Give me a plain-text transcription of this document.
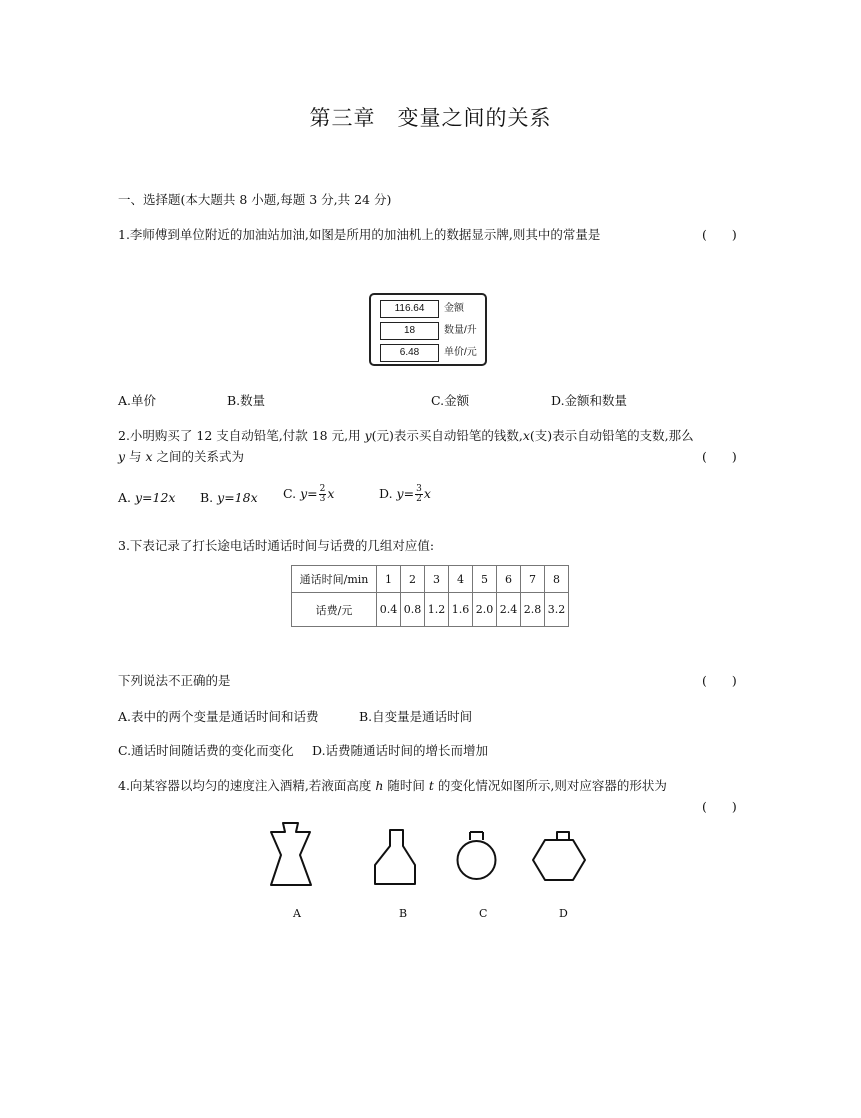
第三章　变量之间的关系
一、选择题(本大题共 8 小题,每题 3 分,共 24 分)
1.李师傅到单位附近的加油站加油,如图是所用的加油机上的数据显示牌,则其中的常量是	(　　)
116.64	金额
18	数量/升
6.48	单价/元
A.单价	B.数量	C.金额	D.金额和数量
2.小明购买了 12 支自动铅笔,付款 18 元,用 y(元)表示买自动铅笔的钱数,x(支)表示自动铅笔的支数,那么
y 与 x 之间的关系式为	(　　)
A. y=12x B. y=18x C. $y= \frac{2}{3}$ x	D. $y= \frac{3}{2}$ x
3.下表记录了打长途电话时通话时间与话费的几组对应值:
通话时间/min	1	2	3	4	5	6	7	8
话费/元	0.4	0.8	1.2	1.6	2.0	2.4	2.8	3.2
下列说法不正确的是	(　　)
A.表中的两个变量是通话时间和话费	B.自变量是通话时间
C.通话时间随话费的变化而变化 D.话费随通话时间的增长而增加
4.向某容器以均匀的速度注入酒精,若液面高度 h 随时间 t 的变化情况如图所示,则对应容器的形状为
(　　)
A	B	C	D
